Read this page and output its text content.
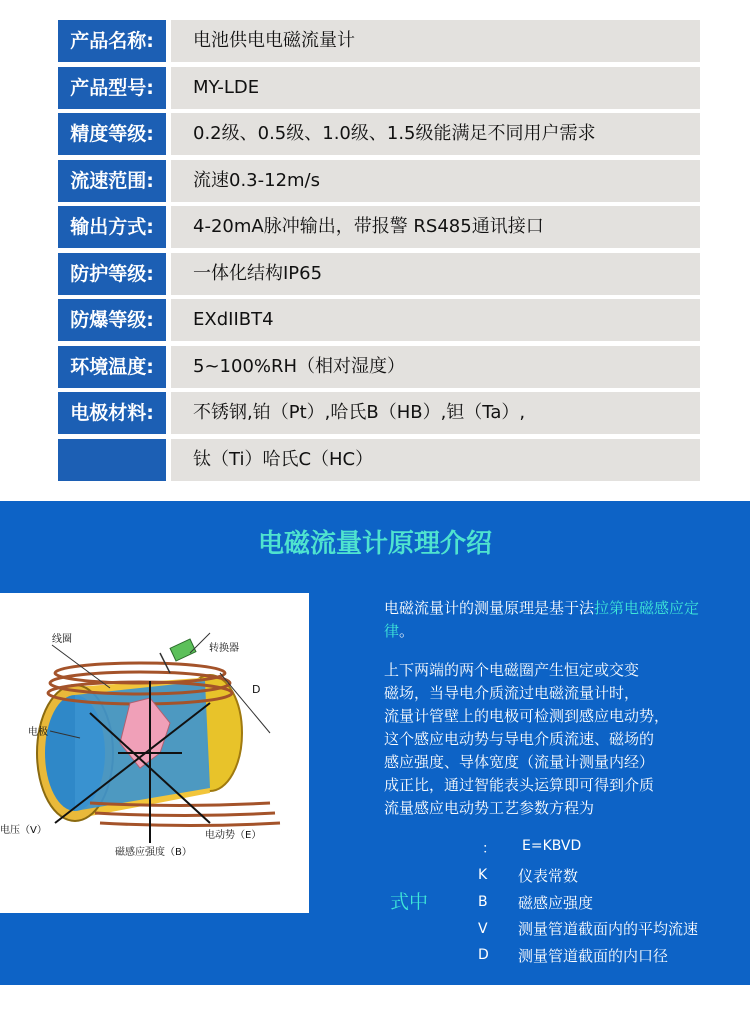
产品名称:	电池供电电磁流量计
产品型号:	MY-LDE
精度等级:	0.2级、0.5级、1.0级、1.5级能满足不同用户需求
流速范围:	流速0.3-12m/s
输出方式:	4-20mA脉冲输出，带报警 RS485通讯接口
防护等级:	一体化结构IP65
防爆等级:	EXdIIBT4
环境温度:	5~100%RH（相对湿度）
电极材料:	不锈钢,铂（Pt）,哈氏B（HB）,钽（Ta）,
钛（Ti）哈氏C（HC）
电磁流量计原理介绍
线圈
转换器
电极
D
电压（V）	电动势（E）
磁感应强度（B）
电磁流量计的测量原理是基于法拉第电磁感应定律。
上下两端的两个电磁圈产生恒定或交变
磁场，当导电介质流过电磁流量计时，
流量计管壁上的电极可检测到感应电动势，
这个感应电动势与导电介质流速、磁场的
感应强度、导体宽度（流量计测量内经）
成正比，通过智能表头运算即可得到介质
流量感应电动势工艺参数方程为
： E=KBVD
式中
K 仪表常数
B 磁感应强度
V 测量管道截面内的平均流速
D 测量管道截面的内口径
